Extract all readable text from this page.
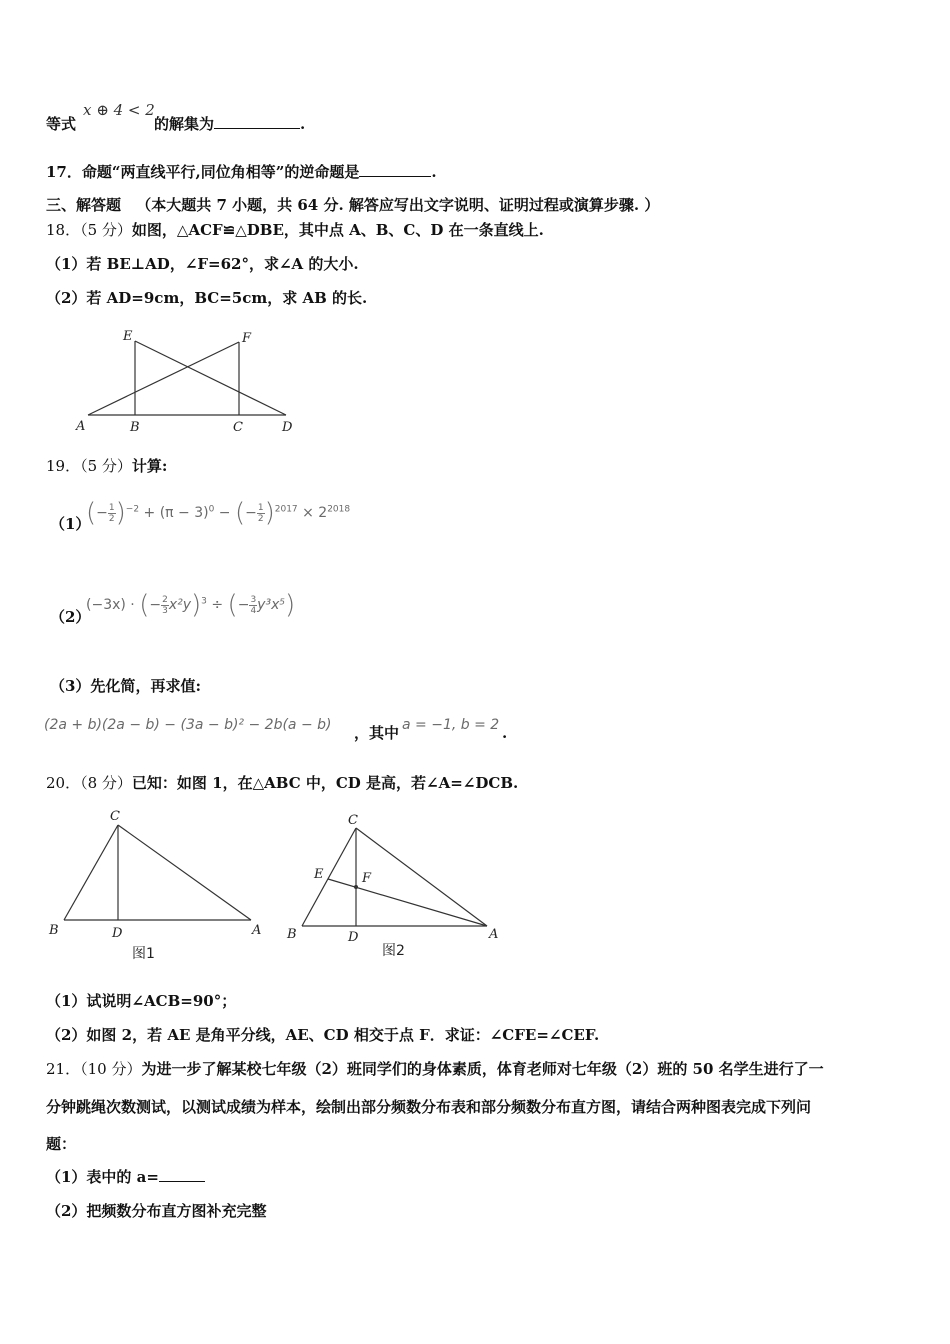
等式
x ⊕ 4 < 2
的解集为	.
17．命题“两直线平行,同位角相等”的逆命题是	.
三、解答题 （本大题共 7 小题，共 64 分. 解答应写出文字说明、证明过程或演算步骤. ）
18．（5 分）如图，△ACF≌△DBE，其中点 A、B、C、D 在一条直线上.
（1）若 BE⊥AD，∠F=62°，求∠A 的大小.
（2）若 AD=9cm，BC=5cm，求 AB 的长.
E	F
A	B	C	D
19．（5 分）计算:
（1）
(− $\frac{1}{2} )^{-2} + (\pi - 3)^0$ − (− $\frac{1}{2} )^{2017} \times 2^{2018}$
（2）
(−3x) · (− $\frac{2}{3} x^2y)^3$ ÷ (− $\frac{3}{4} y^3x^5$)
（3）先化简，再求值:
(2a + b)(2a − b) − (3a − b)² − 2b(a − b) ，其中 a = −1, b = 2 .
20．（8 分）已知：如图 1，在△ABC 中，CD 是高，若∠A=∠DCB.
C
B	D	A
图1
C
E	F
B	D	A
图2
（1）试说明∠ACB=90°；
（2）如图 2，若 AE 是角平分线，AE、CD 相交于点 F．求证：∠CFE=∠CEF.
21．（10 分）为进一步了解某校七年级（2）班同学们的身体素质，体育老师对七年级（2）班的 50 名学生进行了一
分钟跳绳次数测试，以测试成绩为样本，绘制出部分频数分布表和部分频数分布直方图，请结合两种图表完成下列问
题：
（1）表中的 a=
（2）把频数分布直方图补充完整
